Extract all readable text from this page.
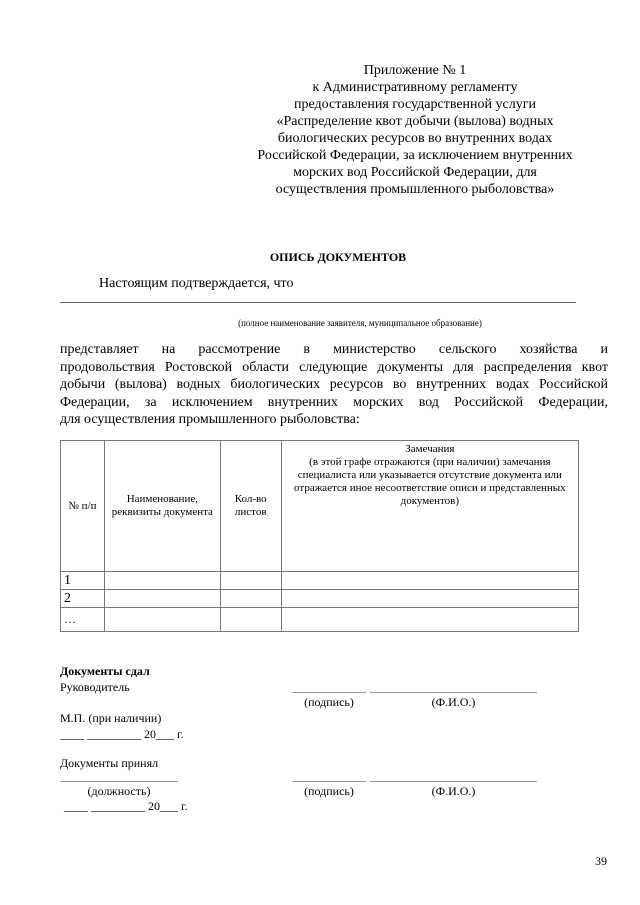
Приложение № 1
к Административному регламенту
предоставления государственной услуги
«Распределение квот добычи (вылова) водных
биологических ресурсов во внутренних водах
Российской Федерации, за исключением внутренних
морских вод Российской Федерации, для
осуществления промышленного рыболовства»
ОПИСЬ ДОКУМЕНТОВ
Настоящим подтверждается, что
(полное наименование заявителя, муниципальное образование)
представляет на рассмотрение в министерство сельского хозяйства и
продовольствия Ростовской области следующие документы для распределения квот
добычи (вылова) водных биологических ресурсов во внутренних водах Российской
Федерации, за исключением внутренних морских вод Российской Федерации,
для осуществления промышленного рыболовства:
№ п/п	Наименование, реквизиты документа	Кол-во листов	Замечания
(в этой графе отражаются (при наличии) замечания специалиста или указывается отсутствие документа или отражается иное несоответствие описи и представленных документов)

1			
2			
…			
Документы сдал
Руководитель
(подпись)	(Ф.И.О.)
М.П. (при наличии)
____ _________ 20___ г.
Документы принял
(должность)	(подпись)	(Ф.И.О.)
____ _________ 20___ г.
39
